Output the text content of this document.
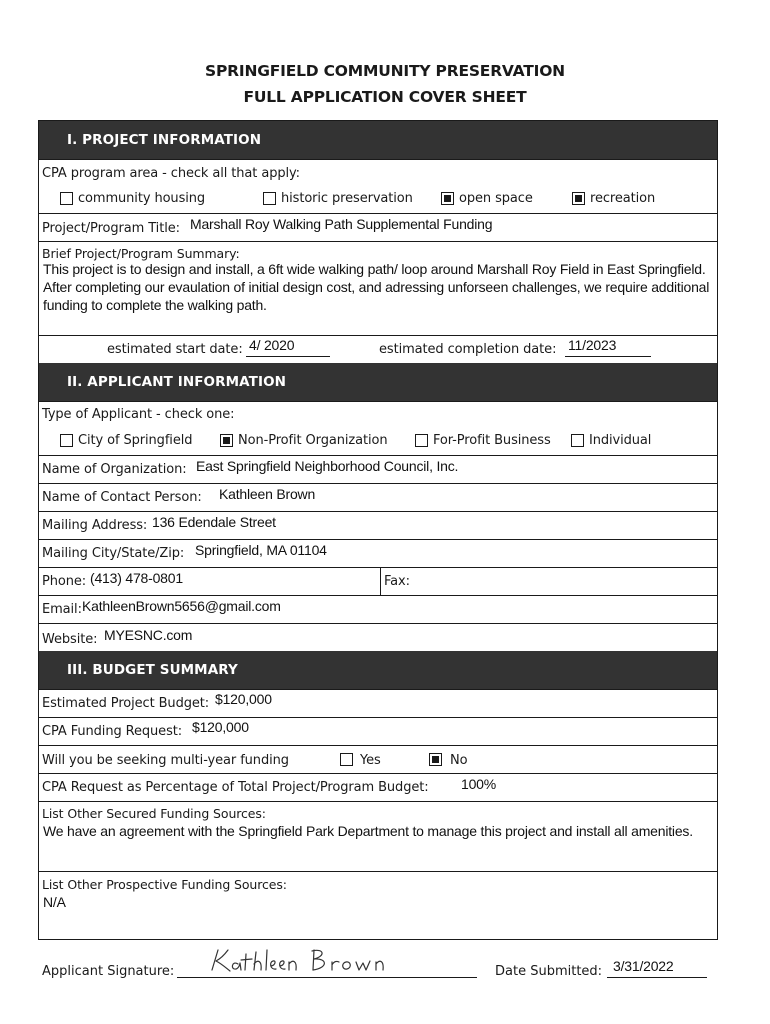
SPRINGFIELD COMMUNITY PRESERVATION
FULL APPLICATION COVER SHEET
I. PROJECT INFORMATION
CPA program area - check all that apply:
community housing	historic preservation	open space	recreation
Project/Program Title: Marshall Roy Walking Path Supplemental Funding
Brief Project/Program Summary:
This project is to design and install, a 6ft wide walking path/ loop around Marshall Roy Field in East Springfield. After completing our evaulation of initial design cost, and adressing unforseen challenges, we require additional funding to complete the walking path.
estimated start date: 4/ 2020	estimated completion date: 11/2023
II. APPLICANT INFORMATION
Type of Applicant - check one:
City of Springfield	Non-Profit Organization	For-Profit Business	Individual
Name of Organization: East Springfield Neighborhood Council, Inc.
Name of Contact Person: Kathleen Brown
Mailing Address: 136 Edendale Street
Mailing City/State/Zip: Springfield, MA 01104
Phone: (413) 478-0801	Fax:
Email: KathleenBrown5656@gmail.com
Website: MYESNC.com
III. BUDGET SUMMARY
Estimated Project Budget: $120,000
CPA Funding Request: $120,000
Will you be seeking multi-year funding	Yes	No
CPA Request as Percentage of Total Project/Program Budget: 100%
List Other Secured Funding Sources:
We have an agreement with the Springfield Park Department to manage this project and install all amenities.
List Other Prospective Funding Sources:
N/A
Applicant Signature:	Date Submitted: 3/31/2022
